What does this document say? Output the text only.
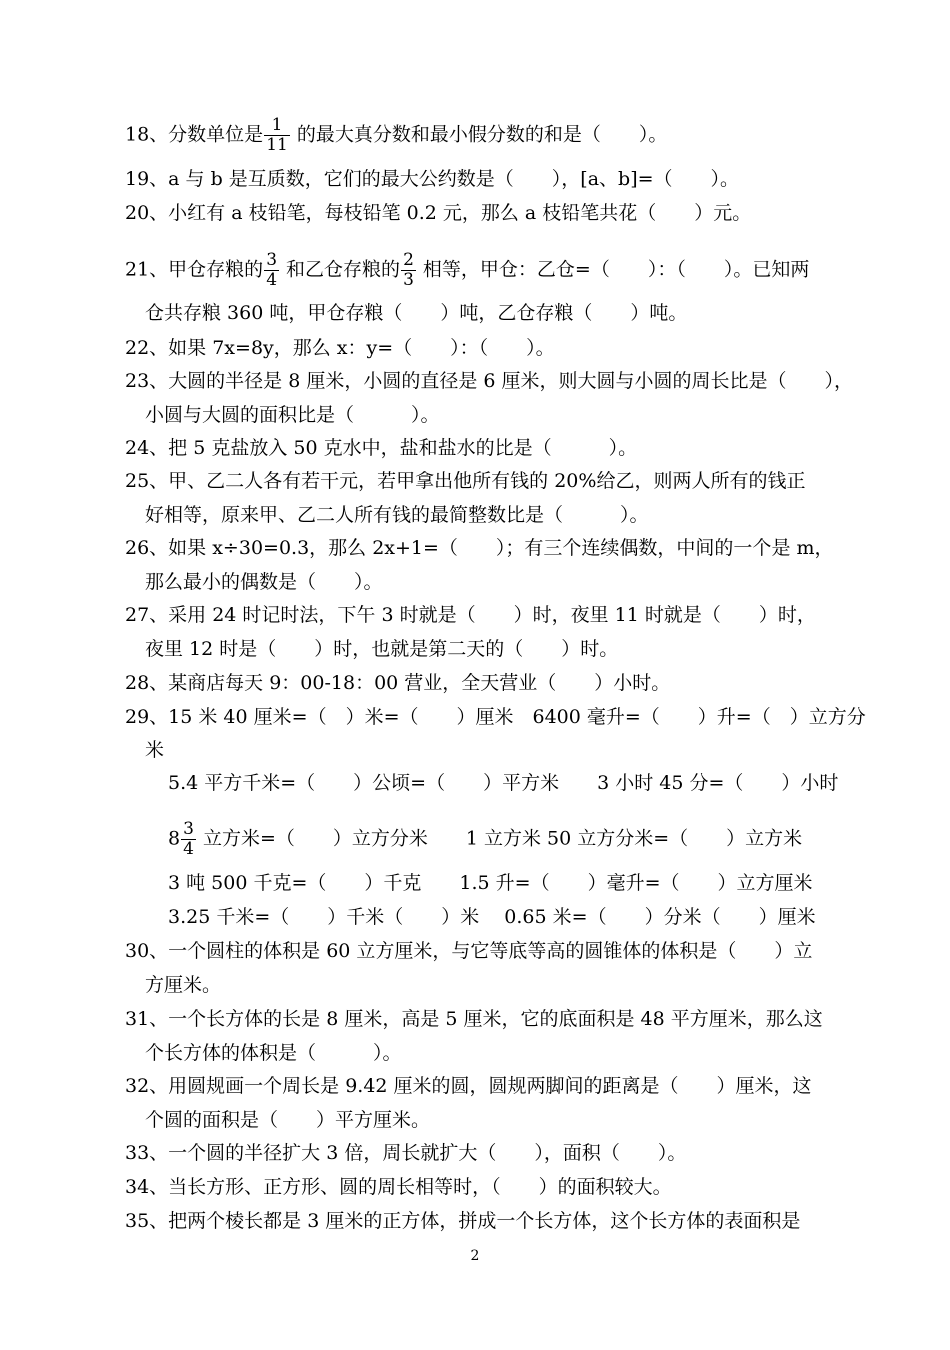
18、分数单位是 $\frac{1}{11}$ 的最大真分数和最小假分数的和是（　　）。
19、a 与 b 是互质数，它们的最大公约数是（　　），[a、b]=（　　）。
20、小红有 a 枝铅笔，每枝铅笔 0.2 元，那么 a 枝铅笔共花（　　）元。
21、甲仓存粮的 $\frac{3}{4}$ 和乙仓存粮的 $\frac{2}{3}$ 相等，甲仓：乙仓=（　　）：（　　）。已知两
仓共存粮 360 吨，甲仓存粮（　　）吨，乙仓存粮（　　）吨。
22、如果 7x=8y，那么 x：y=（　　）：（　　）。
23、大圆的半径是 8 厘米，小圆的直径是 6 厘米，则大圆与小圆的周长比是（　　），
小圆与大圆的面积比是（　　　）。
24、把 5 克盐放入 50 克水中，盐和盐水的比是（　　　）。
25、甲、乙二人各有若干元，若甲拿出他所有钱的 20%给乙，则两人所有的钱正
好相等，原来甲、乙二人所有钱的最简整数比是（　　　）。
26、如果 x÷30=0.3，那么 2x+1=（　　）；有三个连续偶数，中间的一个是 m，
那么最小的偶数是（　　）。
27、采用 24 时记时法，下午 3 时就是（　　）时，夜里 11 时就是（　　）时，
夜里 12 时是（　　）时，也就是第二天的（　　）时。
28、某商店每天 9：00-18：00 营业，全天营业（　　）小时。
29、15 米 40 厘米=（　）米=（　　）厘米　6400 毫升=（　　）升=（　）立方分
米
5.4 平方千米=（　　）公顷=（　　）平方米　　3 小时 45 分=（　　）小时
$8 \frac{3}{4}$ 立方米=（　　）立方分米　　1 立方米 50 立方分米=（　　）立方米
3 吨 500 千克=（　　）千克　　1.5 升=（　　）毫升=（　　）立方厘米
3.25 千米=（　　）千米（　　）米　 0.65 米=（　　）分米（　　）厘米
30、一个圆柱的体积是 60 立方厘米，与它等底等高的圆锥体的体积是（　　）立
方厘米。
31、一个长方体的长是 8 厘米，高是 5 厘米，它的底面积是 48 平方厘米，那么这
个长方体的体积是（　　　）。
32、用圆规画一个周长是 9.42 厘米的圆，圆规两脚间的距离是（　　）厘米，这
个圆的面积是（　　）平方厘米。
33、一个圆的半径扩大 3 倍，周长就扩大（　　），面积（　　）。
34、当长方形、正方形、圆的周长相等时，（　　）的面积较大。
35、把两个棱长都是 3 厘米的正方体，拼成一个长方体，这个长方体的表面积是
2
